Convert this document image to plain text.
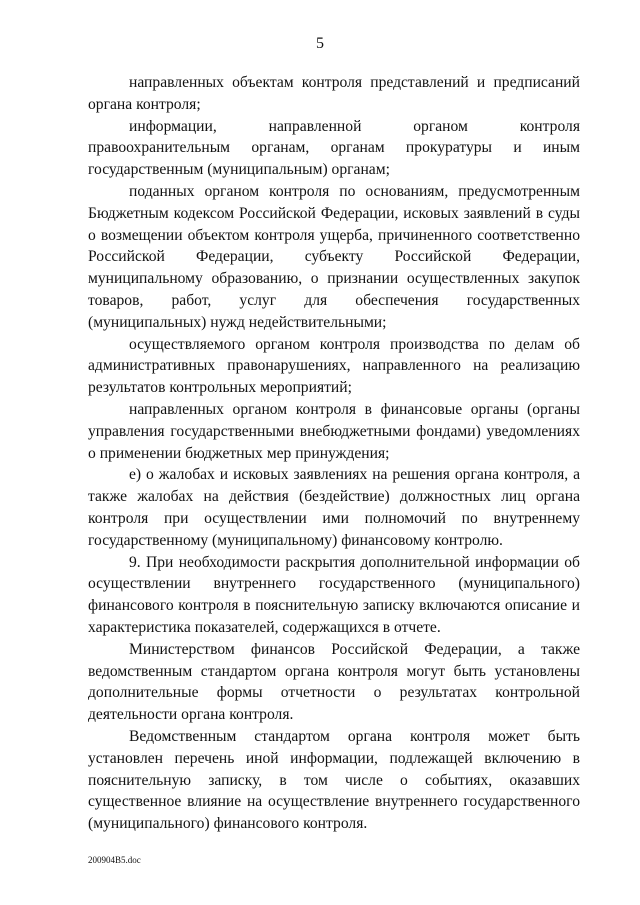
5

направленных объектам контроля представлений и предписаний органа контроля;

информации, направленной органом контроля правоохранительным органам, органам прокуратуры и иным государственным (муниципальным) органам;

поданных органом контроля по основаниям, предусмотренным Бюджетным кодексом Российской Федерации, исковых заявлений в суды о возмещении объектом контроля ущерба, причиненного соответственно Российской Федерации, субъекту Российской Федерации, муниципальному образованию, о признании осуществленных закупок товаров, работ, услуг для обеспечения государственных (муниципальных) нужд недействительными;

осуществляемого органом контроля производства по делам об административных правонарушениях, направленного на реализацию результатов контрольных мероприятий;

направленных органом контроля в финансовые органы (органы управления государственными внебюджетными фондами) уведомлениях о применении бюджетных мер принуждения;

е) о жалобах и исковых заявлениях на решения органа контроля, а также жалобах на действия (бездействие) должностных лиц органа контроля при осуществлении ими полномочий по внутреннему государственному (муниципальному) финансовому контролю.

9. При необходимости раскрытия дополнительной информации об осуществлении внутреннего государственного (муниципального) финансового контроля в пояснительную записку включаются описание и характеристика показателей, содержащихся в отчете.

Министерством финансов Российской Федерации, а также ведомственным стандартом органа контроля могут быть установлены дополнительные формы отчетности о результатах контрольной деятельности органа контроля.

Ведомственным стандартом органа контроля может быть установлен перечень иной информации, подлежащей включению в пояснительную записку, в том числе о событиях, оказавших существенное влияние на осуществление внутреннего государственного (муниципального) финансового контроля.

200904B5.doc
